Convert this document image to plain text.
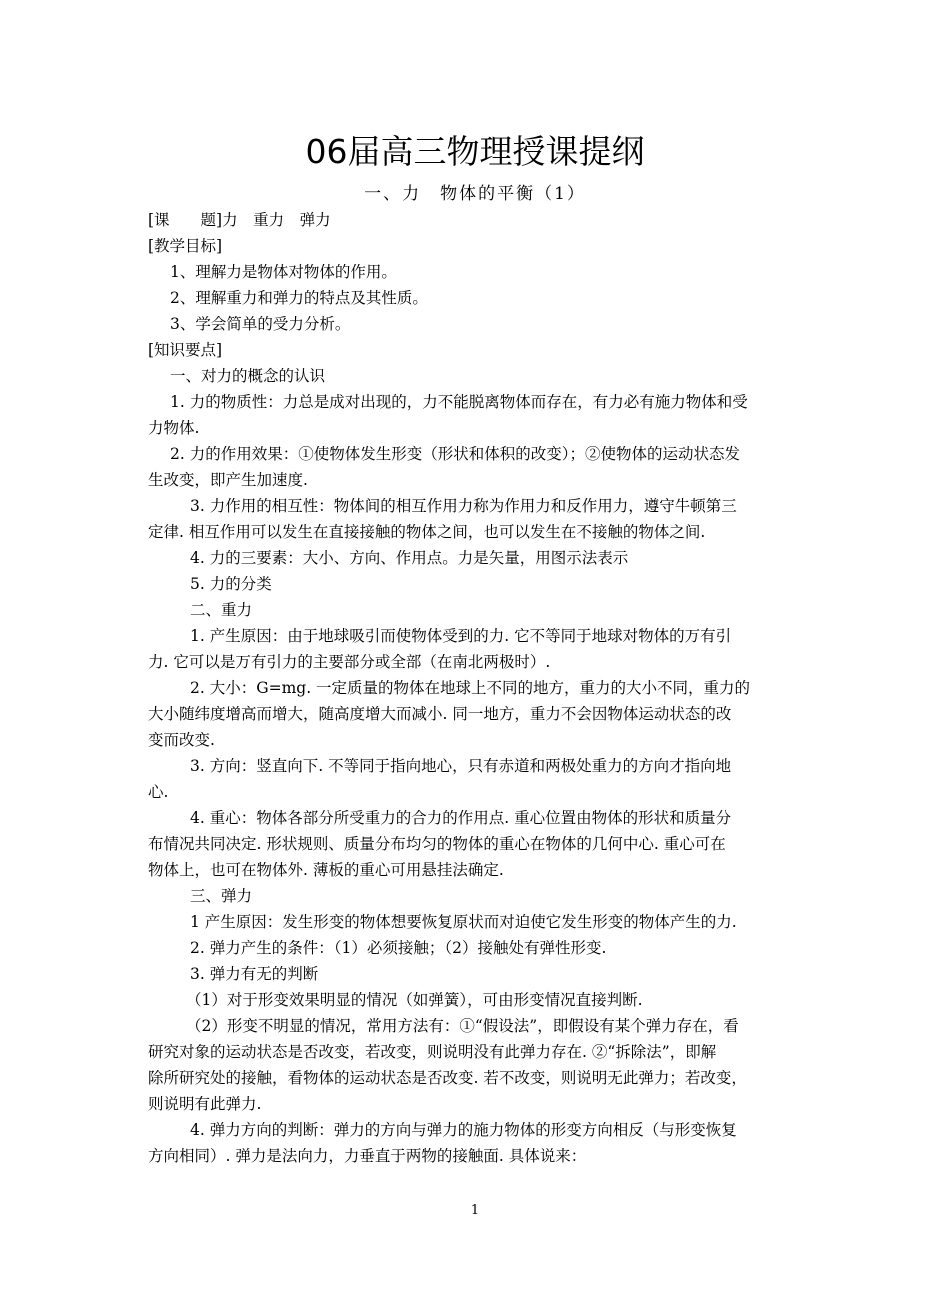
06届高三物理授课提纲
一、力　物体的平衡（1）
[课　　题]力　重力　弹力
[教学目标]
1、理解力是物体对物体的作用。
2、理解重力和弹力的特点及其性质。
3、学会简单的受力分析。
[知识要点]
一、对力的概念的认识
1. 力的物质性：力总是成对出现的，力不能脱离物体而存在，有力必有施力物体和受
力物体.
2. 力的作用效果：①使物体发生形变（形状和体积的改变）；②使物体的运动状态发
生改变，即产生加速度.
3. 力作用的相互性：物体间的相互作用力称为作用力和反作用力，遵守牛顿第三
定律. 相互作用可以发生在直接接触的物体之间，也可以发生在不接触的物体之间.
4. 力的三要素：大小、方向、作用点。力是矢量，用图示法表示
5. 力的分类
二、重力
1. 产生原因：由于地球吸引而使物体受到的力. 它不等同于地球对物体的万有引
力. 它可以是万有引力的主要部分或全部（在南北两极时）.
2. 大小：G=mg. 一定质量的物体在地球上不同的地方，重力的大小不同，重力的
大小随纬度增高而增大，随高度增大而减小. 同一地方，重力不会因物体运动状态的改
变而改变.
3. 方向：竖直向下. 不等同于指向地心，只有赤道和两极处重力的方向才指向地
心.
4. 重心：物体各部分所受重力的合力的作用点. 重心位置由物体的形状和质量分
布情况共同决定. 形状规则、质量分布均匀的物体的重心在物体的几何中心. 重心可在
物体上，也可在物体外. 薄板的重心可用悬挂法确定.
三、弹力
1 产生原因：发生形变的物体想要恢复原状而对迫使它发生形变的物体产生的力.
2. 弹力产生的条件：（1）必须接触；（2）接触处有弹性形变.
3. 弹力有无的判断
（1）对于形变效果明显的情况（如弹簧），可由形变情况直接判断.
（2）形变不明显的情况，常用方法有：①“假设法”，即假设有某个弹力存在，看
研究对象的运动状态是否改变，若改变，则说明没有此弹力存在. ②“拆除法”，即解
除所研究处的接触，看物体的运动状态是否改变. 若不改变，则说明无此弹力；若改变，
则说明有此弹力.
4. 弹力方向的判断：弹力的方向与弹力的施力物体的形变方向相反（与形变恢复
方向相同）. 弹力是法向力，力垂直于两物的接触面. 具体说来：
1
